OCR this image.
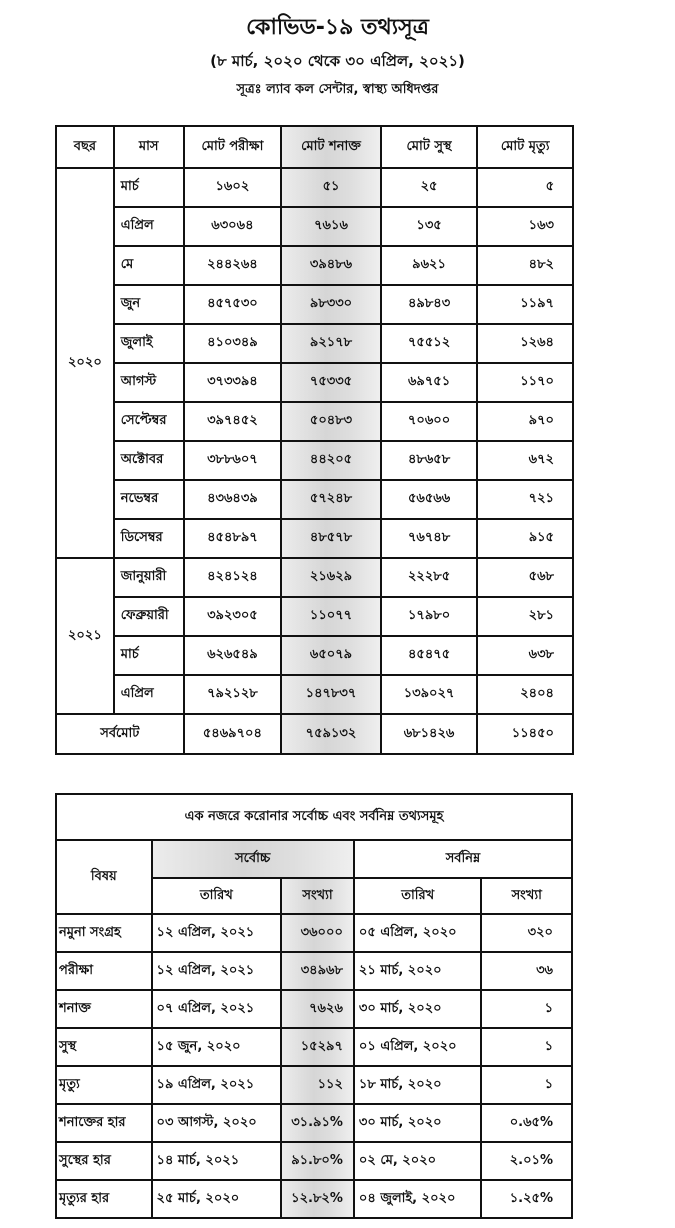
কোভিড-১৯ তথ্যসূত্র
(৮ মার্চ, ২০২০ থেকে ৩০ এপ্রিল, ২০২১)
সূত্রঃ ল্যাব কল সেন্টার, স্বাস্থ্য অধিদপ্তর
বছর	মাস	মোট পরীক্ষা	মোট শনাক্ত	মোট সুস্থ	মোট মৃত্যু
২০২০	মার্চ	১৬০২	৫১	২৫	৫
	এপ্রিল	৬৩০৬৪	৭৬১৬	১৩৫	১৬৩
	মে	২৪৪২৬৪	৩৯৪৮৬	৯৬২১	৪৮২
	জুন	৪৫৭৫৩০	৯৮৩৩০	৪৯৮৪৩	১১৯৭
	জুলাই	৪১০৩৪৯	৯২১৭৮	৭৫৫১২	১২৬৪
	আগস্ট	৩৭৩৩৯৪	৭৫৩৩৫	৬৯৭৫১	১১৭০
	সেপ্টেম্বর	৩৯৭৪৫২	৫০৪৮৩	৭০৬০০	৯৭০
	অক্টোবর	৩৮৮৬০৭	৪৪২০৫	৪৮৬৫৮	৬৭২
	নভেম্বর	৪৩৬৪৩৯	৫৭২৪৮	৫৬৫৬৬	৭২১
	ডিসেম্বর	৪৫৪৮৯৭	৪৮৫৭৮	৭৬৭৪৮	৯১৫
২০২১	জানুয়ারী	৪২৪১২৪	২১৬২৯	২২২৮৫	৫৬৮
	ফেব্রুয়ারী	৩৯২৩০৫	১১০৭৭	১৭৯৮০	২৮১
	মার্চ	৬২৬৫৪৯	৬৫০৭৯	৪৫৪৭৫	৬৩৮
	এপ্রিল	৭৯২১২৮	১৪৭৮৩৭	১৩৯০২৭	২৪০৪
সর্বমোট		৫৪৬৯৭০৪	৭৫৯১৩২	৬৮১৪২৬	১১৪৫০
এক নজরে করোনার সর্বোচ্চ এবং সর্বনিম্ন তথ্যসমূহ				
বিষয়	সর্বোচ্চ		সর্বনিম্ন	
	তারিখ	সংখ্যা	তারিখ	সংখ্যা
নমুনা সংগ্রহ	১২ এপ্রিল, ২০২১	৩৬০০০	০৫ এপ্রিল, ২০২০	৩২০
পরীক্ষা	১২ এপ্রিল, ২০২১	৩৪৯৬৮	২১ মার্চ, ২০২০	৩৬
শনাক্ত	০৭ এপ্রিল, ২০২১	৭৬২৬	৩০ মার্চ, ২০২০	১
সুস্থ	১৫ জুন, ২০২০	১৫২৯৭	০১ এপ্রিল, ২০২০	১
মৃত্যু	১৯ এপ্রিল, ২০২১	১১২	১৮ মার্চ, ২০২০	১
শনাক্তের হার	০৩ আগস্ট, ২০২০	৩১.৯১%	৩০ মার্চ, ২০২০	০.৬৫%
সুস্থের হার	১৪ মার্চ, ২০২১	৯১.৮০%	০২ মে, ২০২০	২.০১%
মৃত্যুর হার	২৫ মার্চ, ২০২০	১২.৮২%	০৪ জুলাই, ২০২০	১.২৫%
